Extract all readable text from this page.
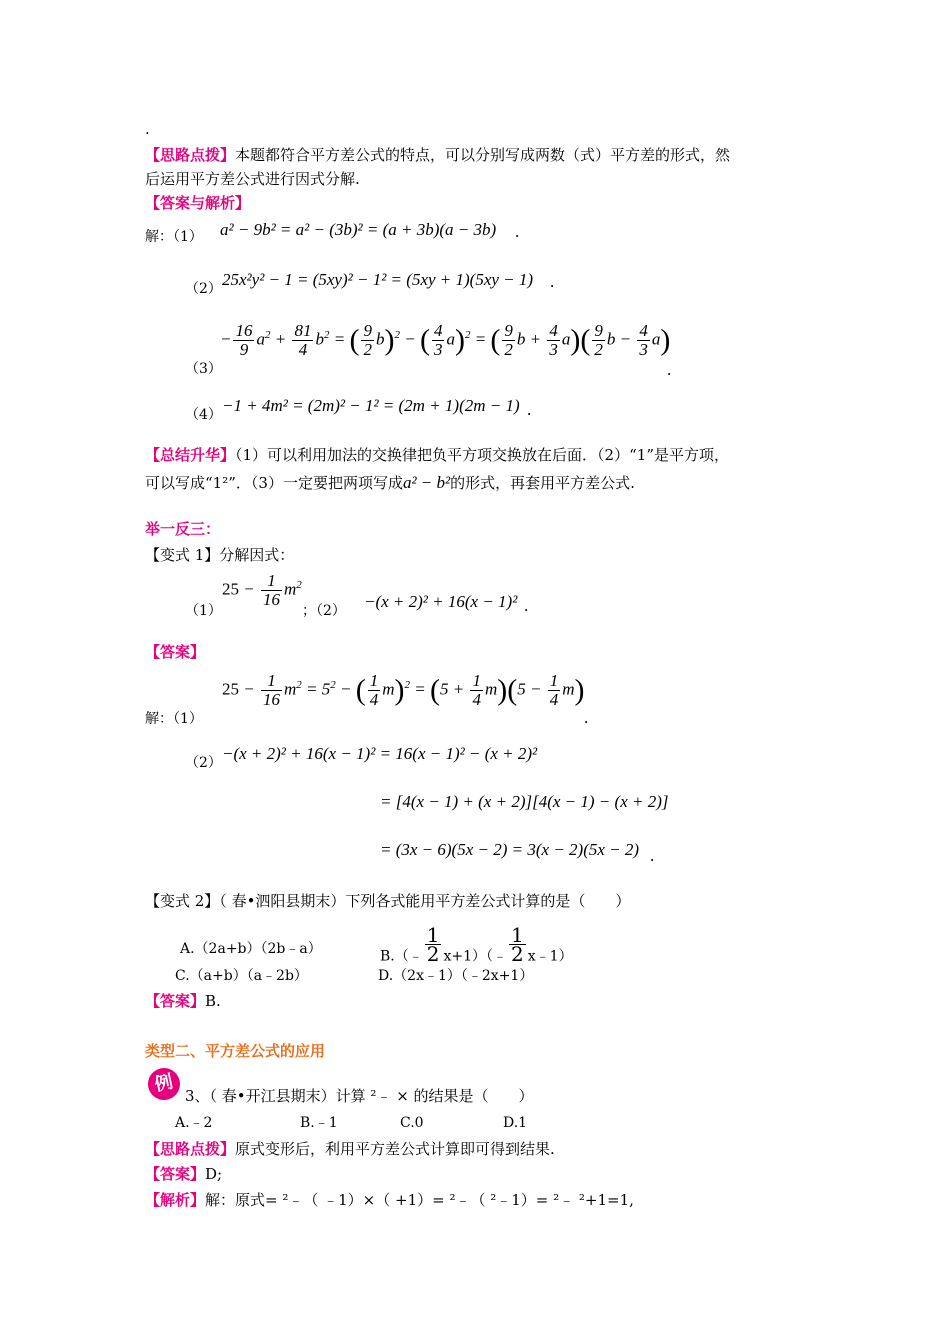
.
【思路点拨】本题都符合平方差公式的特点，可以分别写成两数（式）平方差的形式，然
后运用平方差公式进行因式分解.
【答案与解析】
解：（1） a² − 9b² = a² − (3b)² = (a + 3b)(a − 3b) .
（2） 25x²y² − 1 = (5xy)² − 1² = (5xy + 1)(5xy − 1) .
（3）
− $\frac{16}{9} a^2 + \frac{81}{4} b^2$ = ( $\frac{9}{2} b)^2$ − ( $\frac{4}{3} a)^2$ = ( $\frac{9}{2}$ $b + \frac{4}{3} a)( \frac{9}{2}$ $b - \frac{4}{3} a$)
.
（4） −1 + 4m² = (2m)² − 1² = (2m + 1)(2m − 1) .
【总结升华】（1）可以利用加法的交换律把负平方项交换放在后面．（2）“1”是平方项，
可以写成“1²”．（3）一定要把两项写成a² − b²的形式，再套用平方差公式.
举一反三：
【变式 1】分解因式：
（1）
$25 - \frac{1}{16} m^2$
；（2） −(x + 2)² + 16(x − 1)² .
【答案】
解：（1）
$25 - \frac{1}{16} m^2 = 5^2$ − ( $\frac{1}{4} m)^2 = (5 + \frac{1}{4} m)(5 - \frac{1}{4} m)$
.
（2） −(x + 2)² + 16(x − 1)² = 16(x − 1)² − (x + 2)²
= [4(x − 1) + (x + 2)][4(x − 1) − (x + 2)]
= (3x − 6)(5x − 2) = 3(x − 2)(5x − 2) .
【变式 2】（ 春•泗阳县期末）下列各式能用平方差公式计算的是（　　）
A.（2a+b）（2b﹣a）	B.（﹣ $\frac{1}{2}$ x+1）（﹣ $\frac{1}{2}$ x﹣1）
C.（a+b）（a﹣2b）	D.（2x﹣1）（﹣2x+1）
【答案】B.
类型二、平方差公式的应用
例
3、（ 春•开江县期末）计算 ²﹣ × 的结果是（　　）
A.﹣2	B.﹣1	C.0	D.1
【思路点拨】原式变形后，利用平方差公式计算即可得到结果.
【答案】D;
【解析】解：原式= ²﹣（ ﹣1）×（ +1）= ²﹣（ ²﹣1）= ²﹣ ²+1=1,
